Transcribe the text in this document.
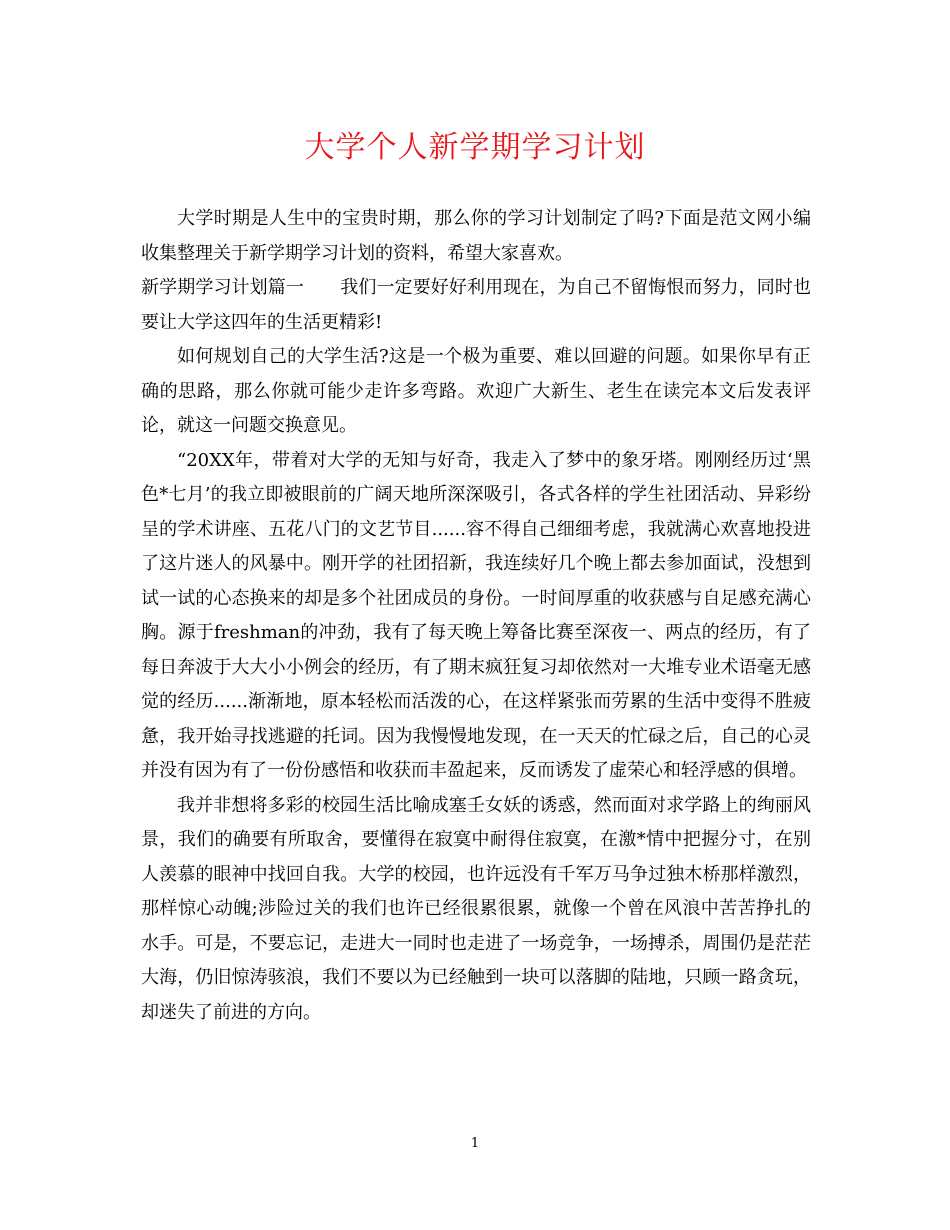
大学个人新学期学习计划

大学时期是人生中的宝贵时期，那么你的学习计划制定了吗?下面是范文网小编收集整理关于新学期学习计划的资料，希望大家喜欢。

新学期学习计划篇一　　我们一定要好好利用现在，为自己不留悔恨而努力，同时也要让大学这四年的生活更精彩!

如何规划自己的大学生活?这是一个极为重要、难以回避的问题。如果你早有正确的思路，那么你就可能少走许多弯路。欢迎广大新生、老生在读完本文后发表评论，就这一问题交换意见。

“20XX年，带着对大学的无知与好奇，我走入了梦中的象牙塔。刚刚经历过‘黑色*七月’的我立即被眼前的广阔天地所深深吸引，各式各样的学生社团活动、异彩纷呈的学术讲座、五花八门的文艺节目......容不得自己细细考虑，我就满心欢喜地投进了这片迷人的风暴中。刚开学的社团招新，我连续好几个晚上都去参加面试，没想到试一试的心态换来的却是多个社团成员的身份。一时间厚重的收获感与自足感充满心胸。源于freshman的冲劲，我有了每天晚上筹备比赛至深夜一、两点的经历，有了每日奔波于大大小小例会的经历，有了期末疯狂复习却依然对一大堆专业术语毫无感觉的经历......渐渐地，原本轻松而活泼的心，在这样紧张而劳累的生活中变得不胜疲惫，我开始寻找逃避的托词。因为我慢慢地发现，在一天天的忙碌之后，自己的心灵并没有因为有了一份份感悟和收获而丰盈起来，反而诱发了虚荣心和轻浮感的俱增。

我并非想将多彩的校园生活比喻成塞壬女妖的诱惑，然而面对求学路上的绚丽风景，我们的确要有所取舍，要懂得在寂寞中耐得住寂寞，在激*情中把握分寸，在别人羡慕的眼神中找回自我。大学的校园，也许远没有千军万马争过独木桥那样激烈，那样惊心动魄;涉险过关的我们也许已经很累很累，就像一个曾在风浪中苦苦挣扎的水手。可是，不要忘记，走进大一同时也走进了一场竞争，一场搏杀，周围仍是茫茫大海，仍旧惊涛骇浪，我们不要以为已经触到一块可以落脚的陆地，只顾一路贪玩，却迷失了前进的方向。

1
